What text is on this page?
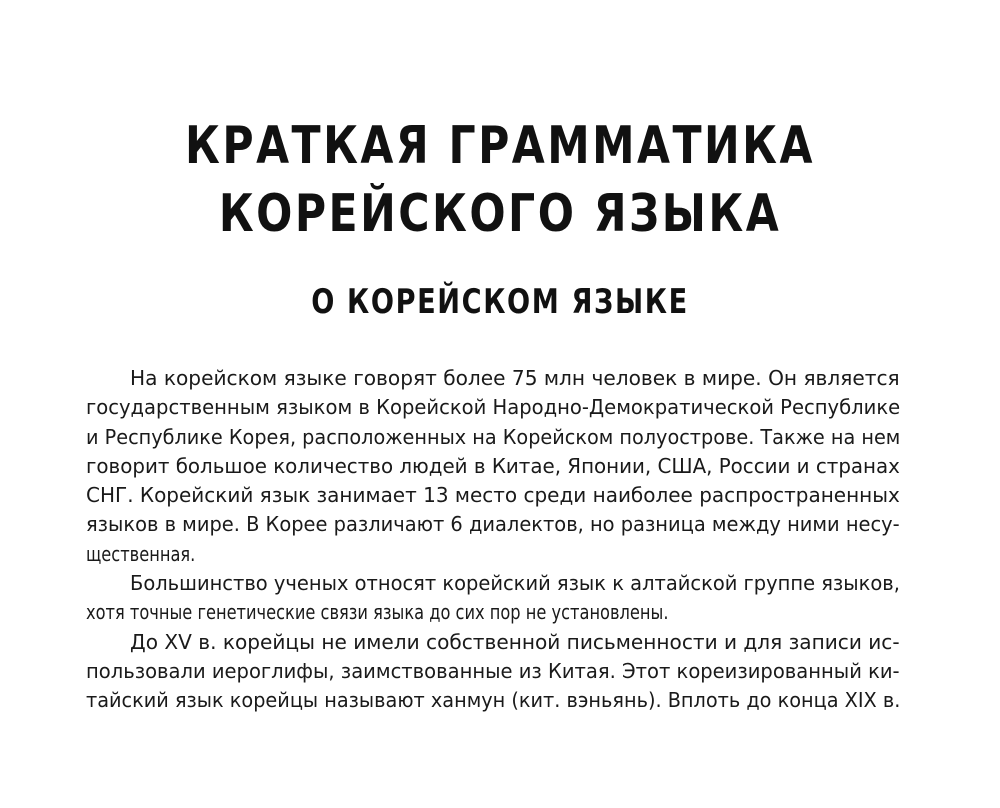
КРАТКАЯ ГРАММАТИКА
КОРЕЙСКОГО ЯЗЫКА
О КОРЕЙСКОМ ЯЗЫКЕ
На корейском языке говорят более 75 млн человек в мире. Он является
государственным языком в Корейской Народно-Демократической Республике
и Республике Корея, расположенных на Корейском полуострове. Также на нем
говорит большое количество людей в Китае, Японии, США, России и странах
СНГ. Корейский язык занимает 13 место среди наиболее распространенных
языков в мире. В Корее различают 6 диалектов, но разница между ними несу-
щественная.
Большинство ученых относят корейский язык к алтайской группе языков,
хотя точные генетические связи языка до сих пор не установлены.
До XV в. корейцы не имели собственной письменности и для записи ис-
пользовали иероглифы, заимствованные из Китая. Этот кореизированный ки-
тайский язык корейцы называют ханмун (кит. вэньянь). Вплоть до конца XIX в.
